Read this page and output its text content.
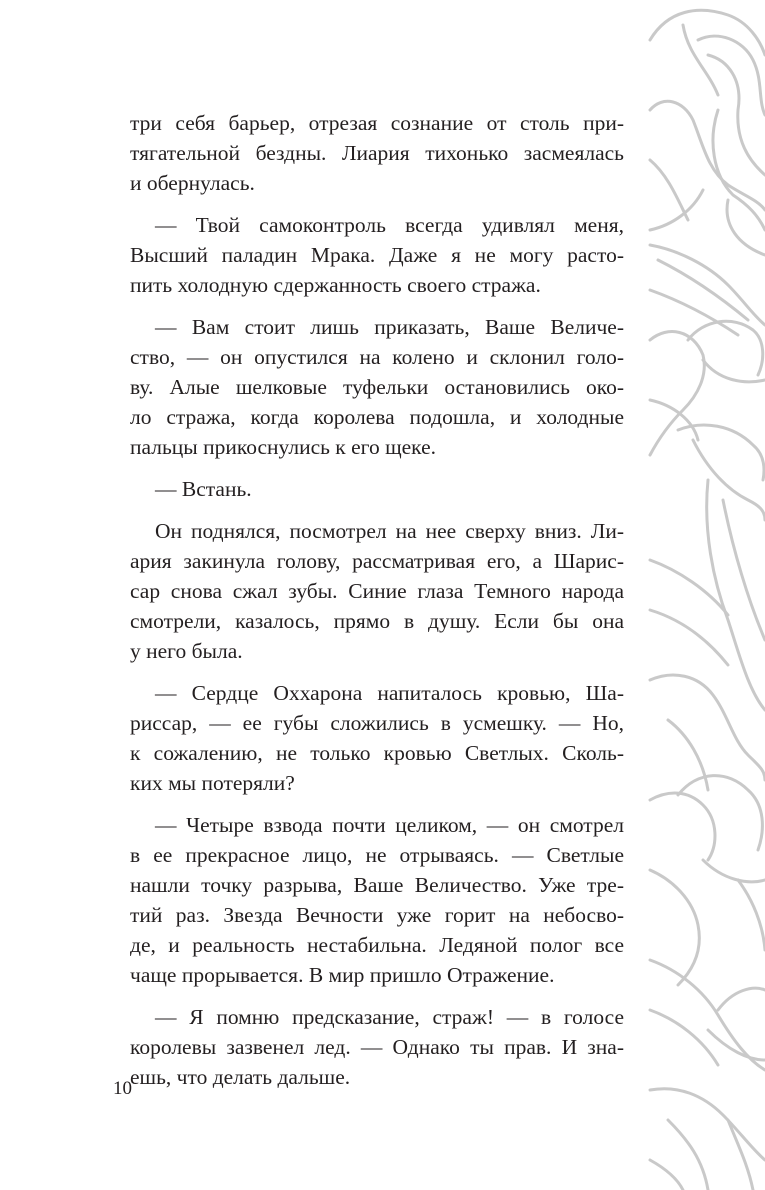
три себя барьер, отрезая сознание от столь при-
тягательной бездны. Лиария тихонько засмеялась
и обернулась.
— Твой самоконтроль всегда удивлял меня,
Высший паладин Мрака. Даже я не могу расто-
пить холодную сдержанность своего стража.
— Вам стоит лишь приказать, Ваше Величе-
ство, — он опустился на колено и склонил голо-
ву. Алые шелковые туфельки остановились око-
ло стража, когда королева подошла, и холодные
пальцы прикоснулись к его щеке.
— Встань.
Он поднялся, посмотрел на нее сверху вниз. Ли-
ария закинула голову, рассматривая его, а Шарис-
сар снова сжал зубы. Синие глаза Темного народа
смотрели, казалось, прямо в душу. Если бы она
у него была.
— Сердце Оххарона напиталось кровью, Ша-
риссар, — ее губы сложились в усмешку. — Но,
к сожалению, не только кровью Светлых. Сколь-
ких мы потеряли?
— Четыре взвода почти целиком, — он смотрел
в ее прекрасное лицо, не отрываясь. — Светлые
нашли точку разрыва, Ваше Величество. Уже тре-
тий раз. Звезда Вечности уже горит на небосво-
де, и реальность нестабильна. Ледяной полог все
чаще прорывается. В мир пришло Отражение.
— Я помню предсказание, страж! — в голосе
королевы зазвенел лед. — Однако ты прав. И зна-
ешь, что делать дальше.
10
